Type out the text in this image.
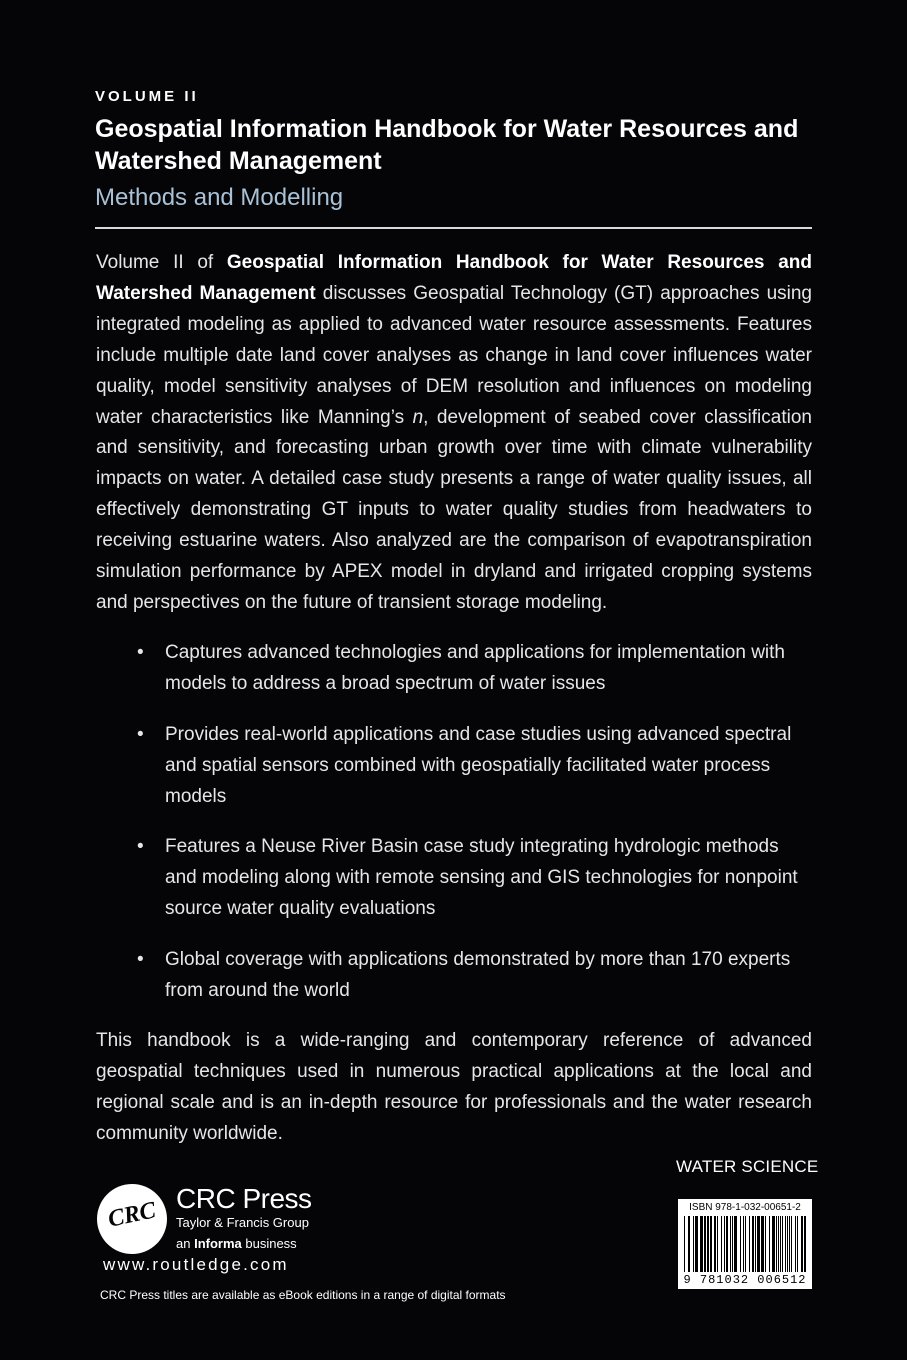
VOLUME II
Geospatial Information Handbook for Water Resources and Watershed Management
Methods and Modelling
Volume II of Geospatial Information Handbook for Water Resources and Watershed Management discusses Geospatial Technology (GT) approaches using integrated modeling as applied to advanced water resource assessments. Features include multiple date land cover analyses as change in land cover influences water quality, model sensitivity analyses of DEM resolution and influences on modeling water characteristics like Manning’s n, development of seabed cover classification and sensitivity, and forecasting urban growth over time with climate vulnerability impacts on water. A detailed case study presents a range of water quality issues, all effectively demonstrating GT inputs to water quality studies from headwaters to receiving estuarine waters. Also analyzed are the comparison of evapotranspiration simulation performance by APEX model in dryland and irrigated cropping systems and perspectives on the future of transient storage modeling.
• Captures advanced technologies and applications for implementation with models to address a broad spectrum of water issues
• Provides real-world applications and case studies using advanced spectral and spatial sensors combined with geospatially facilitated water process models
• Features a Neuse River Basin case study integrating hydrologic methods and modeling along with remote sensing and GIS technologies for nonpoint source water quality evaluations
• Global coverage with applications demonstrated by more than 170 experts from around the world
This handbook is a wide-ranging and contemporary reference of advanced geospatial techniques used in numerous practical applications at the local and regional scale and is an in-depth resource for professionals and the water research community worldwide.
WATER SCIENCE
CRC CRC Press
Taylor & Francis Group
an Informa business
www.routledge.com
CRC Press titles are available as eBook editions in a range of digital formats
ISBN 978-1-032-00651-2
9 781032 006512
